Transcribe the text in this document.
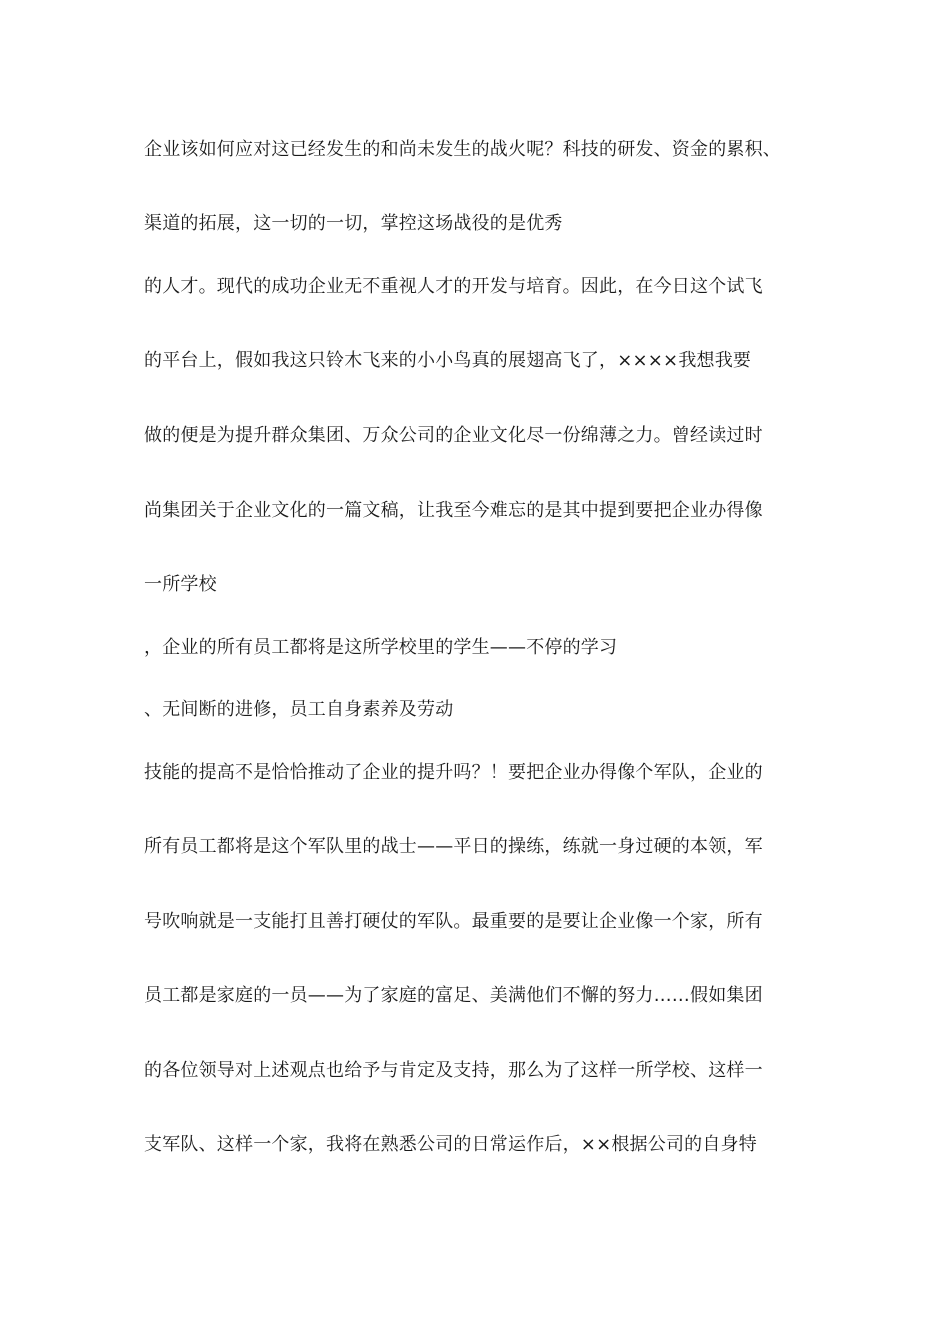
企业该如何应对这已经发生的和尚未发生的战火呢？科技的研发、资金的累积、
渠道的拓展，这一切的一切，掌控这场战役的是优秀
的人才。现代的成功企业无不重视人才的开发与培育。因此，在今日这个试飞
的平台上，假如我这只铃木飞来的小小鸟真的展翅高飞了，××××我想我要
做的便是为提升群众集团、万众公司的企业文化尽一份绵薄之力。曾经读过时
尚集团关于企业文化的一篇文稿，让我至今难忘的是其中提到要把企业办得像
一所学校
，企业的所有员工都将是这所学校里的学生——不停的学习
、无间断的进修，员工自身素养及劳动
技能的提高不是恰恰推动了企业的提升吗？！要把企业办得像个军队，企业的
所有员工都将是这个军队里的战士——平日的操练，练就一身过硬的本领，军
号吹响就是一支能打且善打硬仗的军队。最重要的是要让企业像一个家，所有
员工都是家庭的一员——为了家庭的富足、美满他们不懈的努力……假如集团
的各位领导对上述观点也给予与肯定及支持，那么为了这样一所学校、这样一
支军队、这样一个家，我将在熟悉公司的日常运作后，××根据公司的自身特
